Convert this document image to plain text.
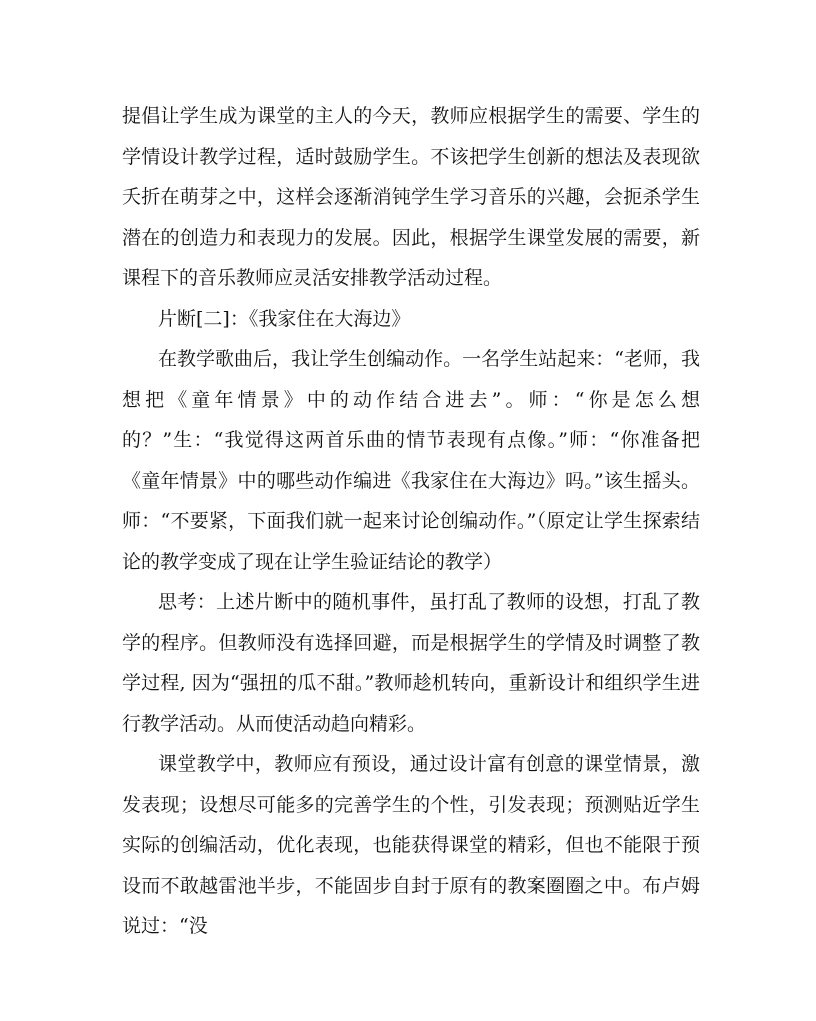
提倡让学生成为课堂的主人的今天，教师应根据学生的需要、学生的学情设计教学过程，适时鼓励学生。不该把学生创新的想法及表现欲夭折在萌芽之中，这样会逐渐消钝学生学习音乐的兴趣，会扼杀学生潜在的创造力和表现力的发展。因此，根据学生课堂发展的需要，新课程下的音乐教师应灵活安排教学活动过程。

片断[二]：《我家住在大海边》

在教学歌曲后，我让学生创编动作。一名学生站起来：“老师，我想把《童年情景》中的动作结合进去”。师：“你是怎么想的？”生：“我觉得这两首乐曲的情节表现有点像。”师：“你准备把《童年情景》中的哪些动作编进《我家住在大海边》吗。”该生摇头。师：“不要紧，下面我们就一起来讨论创编动作。”（原定让学生探索结论的教学变成了现在让学生验证结论的教学）

思考：上述片断中的随机事件，虽打乱了教师的设想，打乱了教学的程序。但教师没有选择回避，而是根据学生的学情及时调整了教学过程, 因为“强扭的瓜不甜。”教师趁机转向，重新设计和组织学生进行教学活动。从而使活动趋向精彩。

课堂教学中，教师应有预设，通过设计富有创意的课堂情景，激发表现；设想尽可能多的完善学生的个性，引发表现；预测贴近学生实际的创编活动，优化表现，也能获得课堂的精彩，但也不能限于预设而不敢越雷池半步，不能固步自封于原有的教案圈圈之中。布卢姆说过：“没
